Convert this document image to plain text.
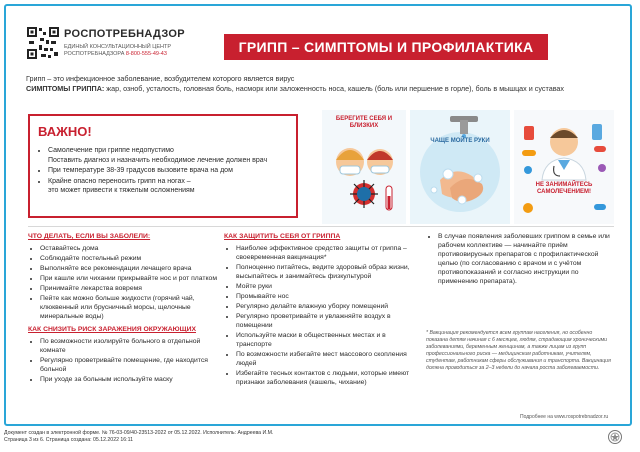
РОСПОТРЕБНАДЗОР
ЕДИНЫЙ КОНСУЛЬТАЦИОННЫЙ ЦЕНТР
РОСПОТРЕБНАДЗОРА 8-800-555-49-43	ГРИПП – СИМПТОМЫ И ПРОФИЛАКТИКА
Грипп – это инфекционное заболевание, возбудителем которого является вирус
СИМПТОМЫ ГРИППА: жар, озноб, усталость, головная боль, насморк или заложенность носа, кашель (боль или першение в горле), боль в мышцах и суставах
ВАЖНО!
• Самолечение при гриппе недопустимо
Поставить диагноз и назначить необходимое лечение должен врач
• При температуре 38-39 градусов вызовите врача на дом
• Крайне опасно переносить грипп на ногах –
это может привести к тяжелым осложнениям
БЕРЕГИТЕ СЕБЯ И БЛИЗКИХ
ЧАЩЕ МОЙТЕ РУКИ
НЕ ЗАНИМАЙТЕСЬ САМОЛЕЧЕНИЕМ!
ЧТО ДЕЛАТЬ, ЕСЛИ ВЫ ЗАБОЛЕЛИ:
• Оставайтесь дома
• Соблюдайте постельный режим
• Выполняйте все рекомендации лечащего врача
• При кашле или чихании прикрывайте нос и рот платком
• Принимайте лекарства вовремя
• Пейте как можно больше жидкости (горячий чай, клюквенный или брусничный морсы, щелочные минеральные воды)
КАК СНИЗИТЬ РИСК ЗАРАЖЕНИЯ ОКРУЖАЮЩИХ
• По возможности изолируйте больного в отдельной комнате
• Регулярно проветривайте помещение, где находится больной
• При уходе за больным используйте маску
КАК ЗАЩИТИТЬ СЕБЯ ОТ ГРИППА
• Наиболее эффективное средство защиты от гриппа – своевременная вакцинация*
• Полноценно питайтесь, ведите здоровый образ жизни, высыпайтесь и занимайтесь физкультурой
• Мойте руки
• Промывайте нос
• Регулярно делайте влажную уборку помещений
• Регулярно проветривайте и увлажняйте воздух в помещении
• Используйте маски в общественных местах и в транспорте
• По возможности избегайте мест массового скопления людей
• Избегайте тесных контактов с людьми, которые имеют признаки заболевания (кашель, чихание)
• В случае появления заболевших гриппом в семье или рабочем коллективе — начинайте приём противовирусных препаратов с профилактической целью (по согласованию с врачом и с учётом противопоказаний и согласно инструкции по применению препарата).
* Вакцинация рекомендуется всем группам населения, но особенно показана детям начиная с 6 месяцев, людям, страдающим хроническими заболеваниями, беременным женщинам, а также лицам из групп профессионального риска — медицинским работникам, учителям, студентам, работникам сферы обслуживания и транспорта. Вакцинация должна проводиться за 2–3 недели до начала роста заболеваемости.
Подробнее на www.rospotrebnadzor.ru
Документ создан в электронной форме. № 76-03-09/40-23513-2022 от 05.12.2022. Исполнитель: Андреева И.М.
Страница 3 из 6. Страница создана: 05.12.2022 16:11
